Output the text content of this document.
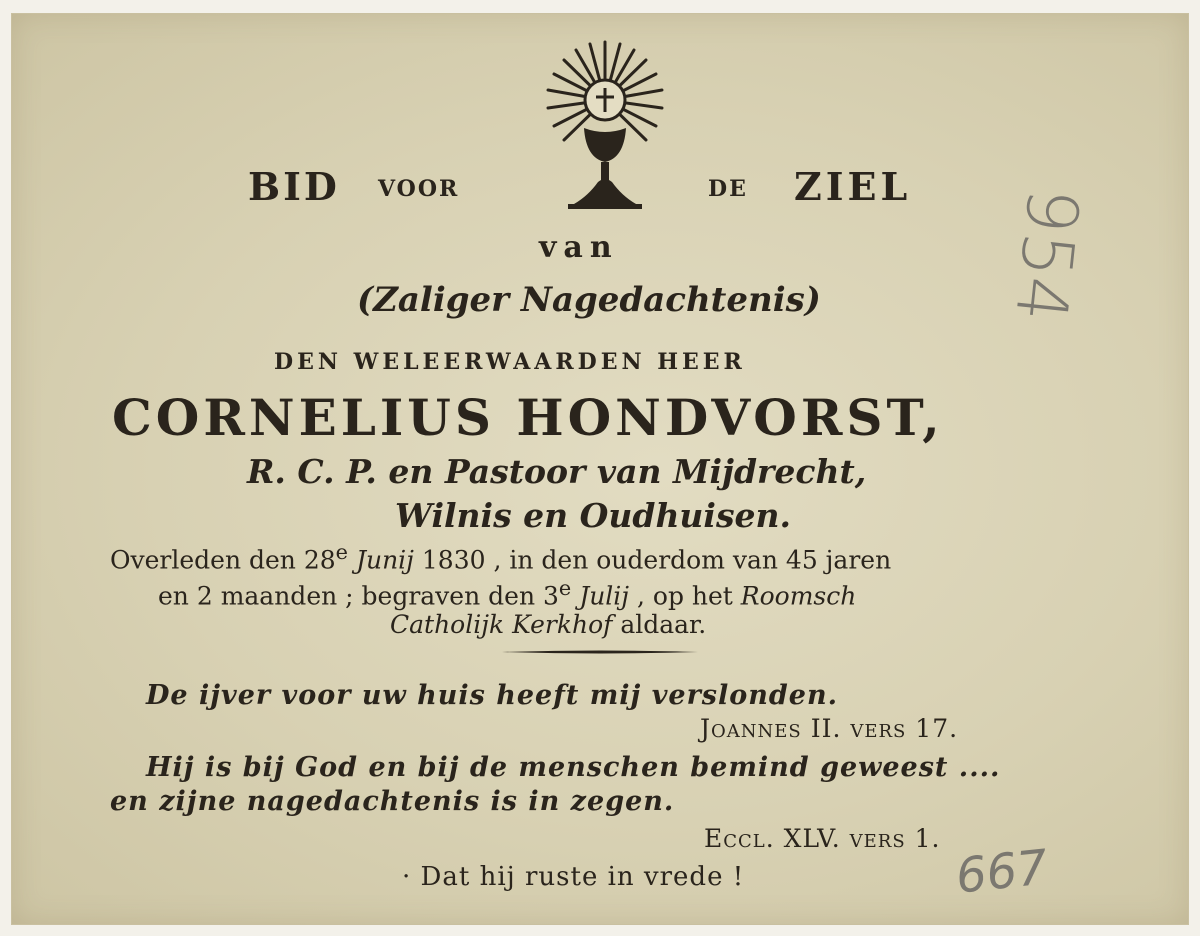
BID VOOR	DE ZIEL
van
(Zaliger Nagedachtenis)
DEN WELEERWAARDEN HEER
CORNELIUS HONDVORST,
R. C. P. en Pastoor van Mijdrecht,
Wilnis en Oudhuisen.
Overleden den 28e Junij 1830 , in den ouderdom van 45 jaren
en 2 maanden ; begraven den 3e Julij , op het Roomsch
Catholijk Kerkhof aldaar.
De ijver voor uw huis heeft mij verslonden.
Joannes II. vers 17.
Hij is bij God en bij de menschen bemind geweest ....
en zijne nagedachtenis is in zegen.
Eccl. XLV. vers 1.
· Dat hij ruste in vrede !
954
667
